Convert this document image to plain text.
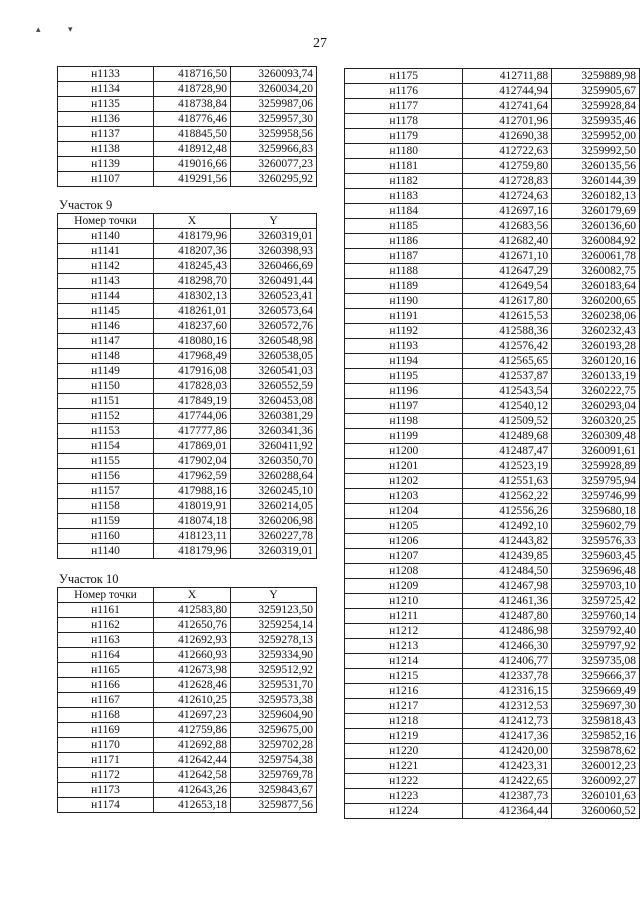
▴	▾
27
н1133	418716,50	3260093,74
н1134	418728,90	3260034,20
н1135	418738,84	3259987,06
н1136	418776,46	3259957,30
н1137	418845,50	3259958,56
н1138	418912,48	3259966,83
н1139	419016,66	3260077,23
н1107	419291,56	3260295,92
Участок 9
Номер точки	X	Y
н1140	418179,96	3260319,01
н1141	418207,36	3260398,93
н1142	418245,43	3260466,69
н1143	418298,70	3260491,44
н1144	418302,13	3260523,41
н1145	418261,01	3260573,64
н1146	418237,60	3260572,76
н1147	418080,16	3260548,98
н1148	417968,49	3260538,05
н1149	417916,08	3260541,03
н1150	417828,03	3260552,59
н1151	417849,19	3260453,08
н1152	417744,06	3260381,29
н1153	417777,86	3260341,36
н1154	417869,01	3260411,92
н1155	417902,04	3260350,70
н1156	417962,59	3260288,64
н1157	417988,16	3260245,10
н1158	418019,91	3260214,05
н1159	418074,18	3260206,98
н1160	418123,11	3260227,78
н1140	418179,96	3260319,01
Участок 10
Номер точки	X	Y
н1161	412583,80	3259123,50
н1162	412650,76	3259254,14
н1163	412692,93	3259278,13
н1164	412660,93	3259334,90
н1165	412673,98	3259512,92
н1166	412628,46	3259531,70
н1167	412610,25	3259573,38
н1168	412697,23	3259604,90
н1169	412759,86	3259675,00
н1170	412692,88	3259702,28
н1171	412642,44	3259754,38
н1172	412642,58	3259769,78
н1173	412643,26	3259843,67
н1174	412653,18	3259877,56
н1175	412711,88	3259889,98
н1176	412744,94	3259905,67
н1177	412741,64	3259928,84
н1178	412701,96	3259935,46
н1179	412690,38	3259952,00
н1180	412722,63	3259992,50
н1181	412759,80	3260135,56
н1182	412728,83	3260144,39
н1183	412724,63	3260182,13
н1184	412697,16	3260179,69
н1185	412683,56	3260136,60
н1186	412682,40	3260084,92
н1187	412671,10	3260061,78
н1188	412647,29	3260082,75
н1189	412649,54	3260183,64
н1190	412617,80	3260200,65
н1191	412615,53	3260238,06
н1192	412588,36	3260232,43
н1193	412576,42	3260193,28
н1194	412565,65	3260120,16
н1195	412537,87	3260133,19
н1196	412543,54	3260222,75
н1197	412540,12	3260293,04
н1198	412509,52	3260320,25
н1199	412489,68	3260309,48
н1200	412487,47	3260091,61
н1201	412523,19	3259928,89
н1202	412551,63	3259795,94
н1203	412562,22	3259746,99
н1204	412556,26	3259680,18
н1205	412492,10	3259602,79
н1206	412443,82	3259576,33
н1207	412439,85	3259603,45
н1208	412484,50	3259696,48
н1209	412467,98	3259703,10
н1210	412461,36	3259725,42
н1211	412487,80	3259760,14
н1212	412486,98	3259792,40
н1213	412466,30	3259797,92
н1214	412406,77	3259735,08
н1215	412337,78	3259666,37
н1216	412316,15	3259669,49
н1217	412312,53	3259697,30
н1218	412412,73	3259818,43
н1219	412417,36	3259852,16
н1220	412420,00	3259878,62
н1221	412423,31	3260012,23
н1222	412422,65	3260092,27
н1223	412387,73	3260101,63
н1224	412364,44	3260060,52
